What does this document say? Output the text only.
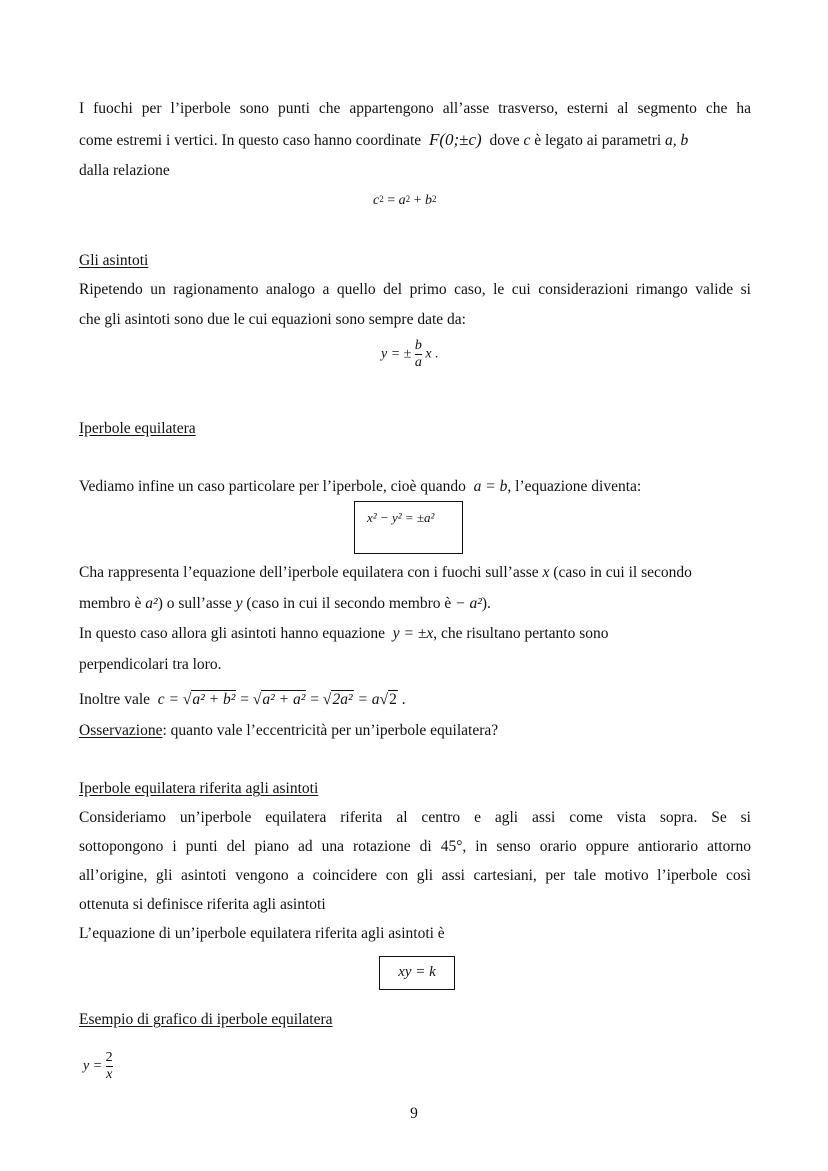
I fuochi per l’iperbole sono punti che appartengono all’asse trasverso, esterni al segmento che ha
come estremi i vertici. In questo caso hanno coordinate F(0;±c) dove c è legato ai parametri a, b
dalla relazione
$c^2 = a^2 + b^2$
Gli asintoti
Ripetendo un ragionamento analogo a quello del primo caso, le cui considerazioni rimango valide si
che gli asintoti sono due le cui equazioni sono sempre date da:
y = ± $\frac{b}{a}$ x .
Iperbole equilatera
Vediamo infine un caso particolare per l’iperbole, cioè quando a = b, l’equazione diventa:
x² − y² = ±a²
Cha rappresenta l’equazione dell’iperbole equilatera con i fuochi sull’asse x (caso in cui il secondo
membro è a²) o sull’asse y (caso in cui il secondo membro è − a²).
In questo caso allora gli asintoti hanno equazione y = ±x, che risultano pertanto sono
perpendicolari tra loro.
Inoltre vale c = √a² + b² = √a² + a² = √2a² = a√2 .
Osservazione: quanto vale l’eccentricità per un’iperbole equilatera?
Iperbole equilatera riferita agli asintoti
Consideriamo un’iperbole equilatera riferita al centro e agli assi come vista sopra. Se si
sottopongono i punti del piano ad una rotazione di 45°, in senso orario oppure antiorario attorno
all’origine, gli asintoti vengono a coincidere con gli assi cartesiani, per tale motivo l’iperbole così
ottenuta si definisce riferita agli asintoti
L’equazione di un’iperbole equilatera riferita agli asintoti è
xy = k
Esempio di grafico di iperbole equilatera
$y = \frac{2}{x}$
9
